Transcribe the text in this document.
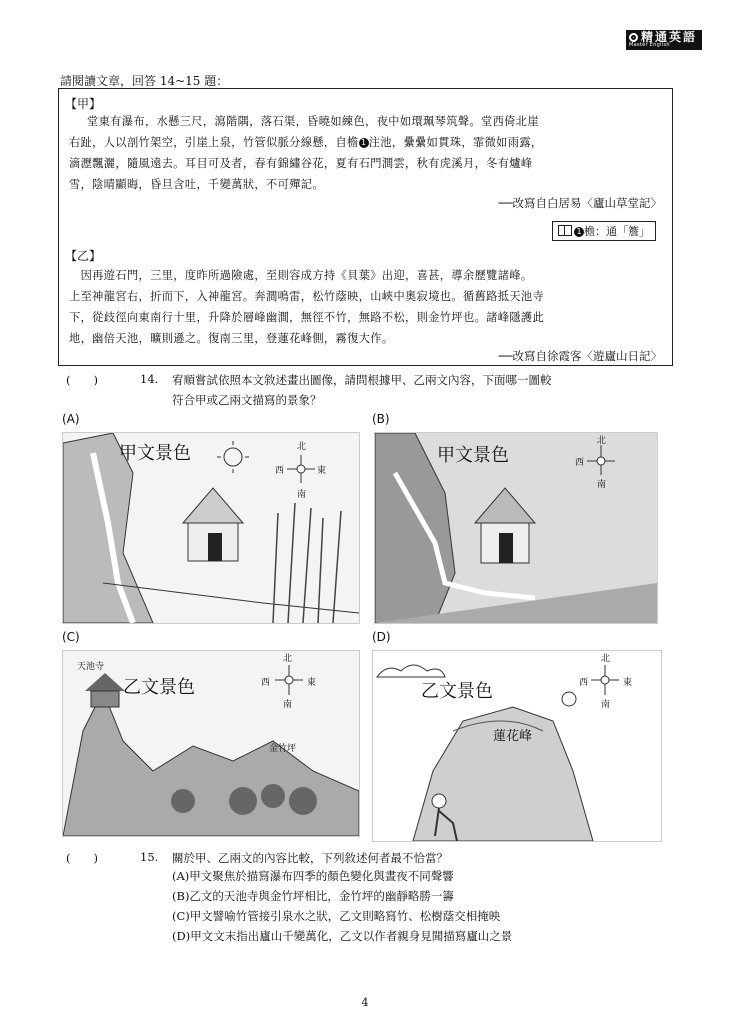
精通英語
Master English
請閱讀文章，回答 14~15 題：
【甲】
堂東有瀑布，水懸三尺，瀉階隅，落石渠，昏曉如練色，夜中如環珮琴筑聲。堂西倚北崖
右趾，人以剖竹架空，引崖上泉，竹管似脈分線懸，自檐 1 注池，纍纍如貫珠，霏微如雨露，
滴瀝飄灑，隨風遠去。耳目可及者，春有錦繡谷花，夏有石門澗雲，秋有虎溪月，冬有爐峰
雪，陰晴顯晦，昏旦含吐，千變萬狀，不可殫記。
──改寫自白居易〈廬山草堂記〉
1 檐：通「簷」
【乙】
　因再遊石門，三里，度昨所過險處，至則容成方持《貝葉》出迎，喜甚，導余歷覽諸峰。
上至神龍宮右，折而下，入神龍宮。奔澗鳴雷，松竹蔭映，山峽中奧寂境也。循舊路抵天池寺
下，從歧徑向東南行十里，升降於層峰幽澗，無徑不竹，無路不松，則金竹坪也。諸峰隱護此
地，幽倍天池，曠則遜之。復南三里，登蓮花峰側，霧復大作。
──改寫自徐霞客〈遊廬山日記〉
(　　)	14. 宥順嘗試依照本文敘述畫出圖像，請問根據甲、乙兩文內容，下面哪一圖較
符合甲或乙兩文描寫的景象？
(A)	(B)
(C)	(D)
甲文景色	北
南
東
西
甲文景色
北
南
西
天池寺
乙文景色
北
南
東
西
金竹坪
乙文景色
蓮花峰
北
南
東
西
(　　)	15. 關於甲、乙兩文的內容比較，下列敘述何者最不恰當？
(A)甲文聚焦於描寫瀑布四季的顏色變化與晝夜不同聲響
(B)乙文的天池寺與金竹坪相比，金竹坪的幽靜略勝一籌
(C)甲文譬喻竹管接引泉水之狀，乙文則略寫竹、松樹蔭交相掩映
(D)甲文文末指出廬山千變萬化，乙文以作者親身見聞描寫廬山之景
4
